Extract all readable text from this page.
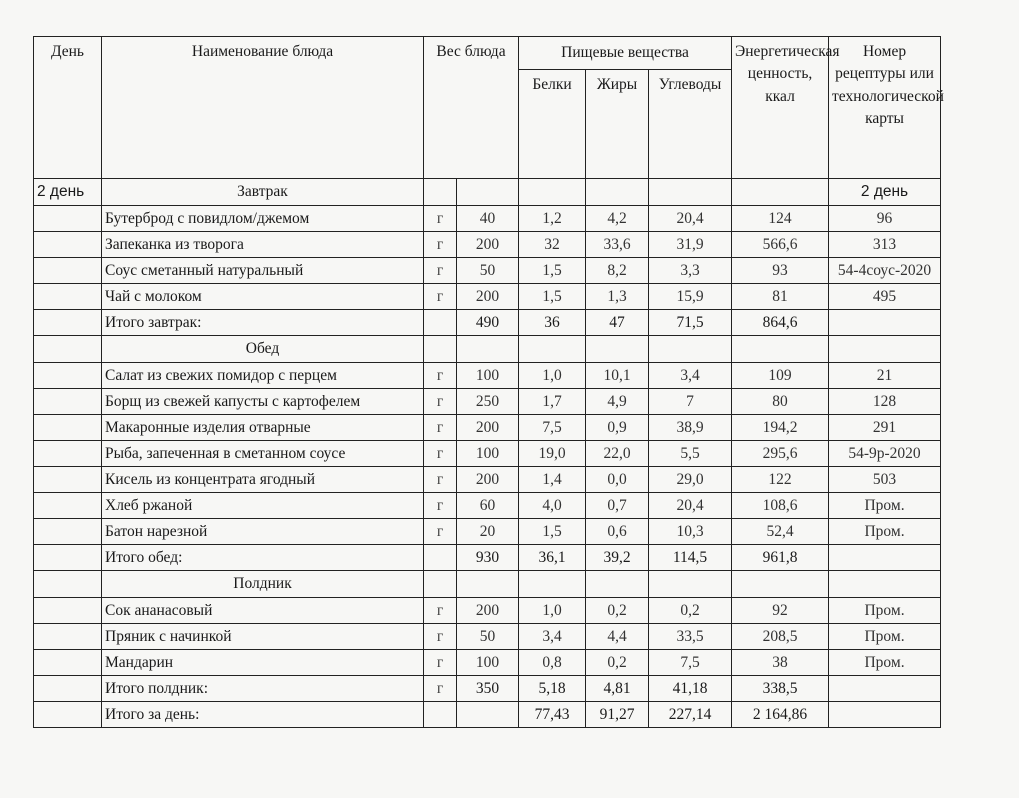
День	Наименование блюда	Вес блюда		Пищевые вещества			Энергетическая ценность, ккал	Номер рецептуры или технологической карты
				Белки	Жиры	Углеводы		
2 день	Завтрак							2 день
	Бутерброд с повидлом/джемом	г	40	1,2	4,2	20,4	124	96
	Запеканка из творога	г	200	32	33,6	31,9	566,6	313
	Соус сметанный натуральный	г	50	1,5	8,2	3,3	93	54-4соус-2020
	Чай с молоком	г	200	1,5	1,3	15,9	81	495
	Итого завтрак:		490	36	47	71,5	864,6	
	Обед							
	Салат из свежих помидор с перцем	г	100	1,0	10,1	3,4	109	21
	Борщ из свежей капусты с картофелем	г	250	1,7	4,9	7	80	128
	Макаронные изделия отварные	г	200	7,5	0,9	38,9	194,2	291
	Рыба, запеченная в сметанном соусе	г	100	19,0	22,0	5,5	295,6	54-9р-2020
	Кисель из концентрата ягодный	г	200	1,4	0,0	29,0	122	503
	Хлеб ржаной	г	60	4,0	0,7	20,4	108,6	Пром.
	Батон нарезной	г	20	1,5	0,6	10,3	52,4	Пром.
	Итого обед:		930	36,1	39,2	114,5	961,8	
	Полдник							
	Сок ананасовый	г	200	1,0	0,2	0,2	92	Пром.
	Пряник с начинкой	г	50	3,4	4,4	33,5	208,5	Пром.
	Мандарин	г	100	0,8	0,2	7,5	38	Пром.
	Итого полдник:	г	350	5,18	4,81	41,18	338,5	
	Итого за день:			77,43	91,27	227,14	2 164,86	
